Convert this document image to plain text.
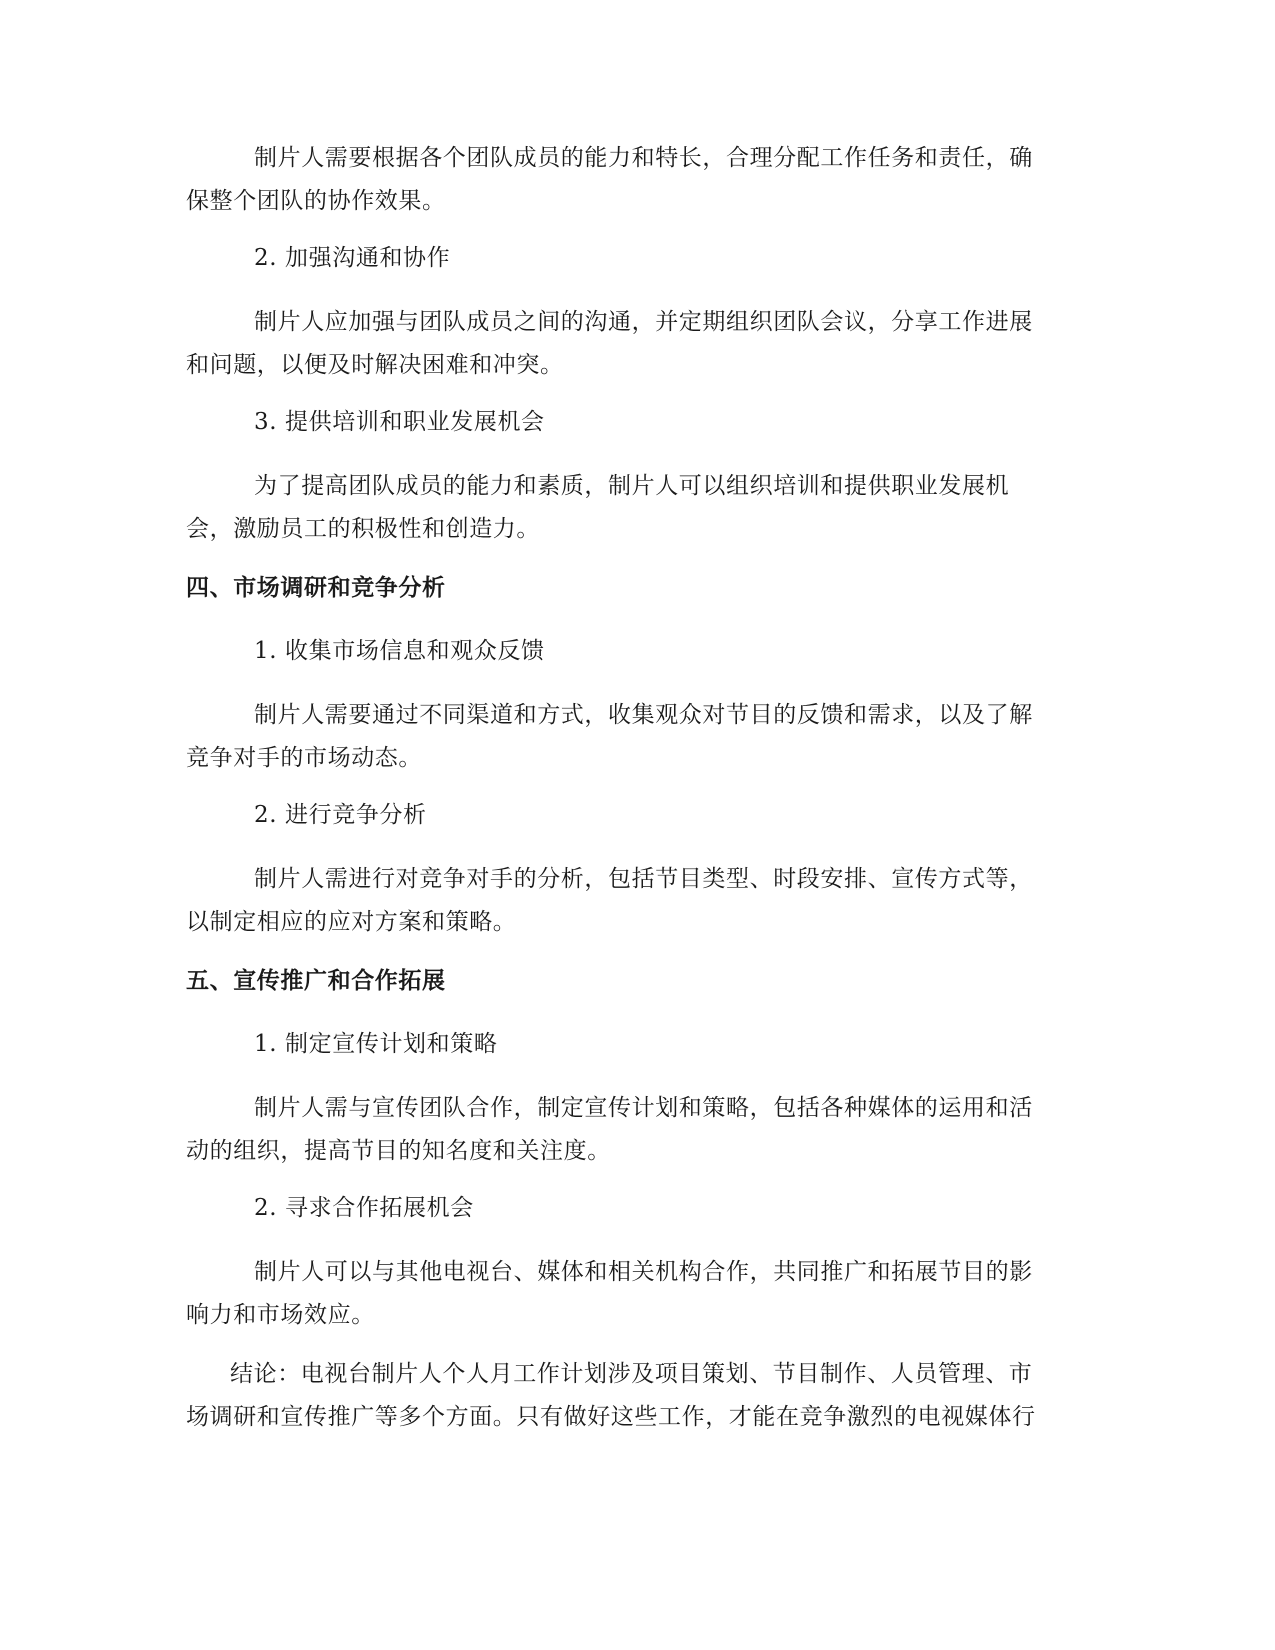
制片人需要根据各个团队成员的能力和特长，合理分配工作任务和责任，确
保整个团队的协作效果。

2. 加强沟通和协作

制片人应加强与团队成员之间的沟通，并定期组织团队会议，分享工作进展
和问题，以便及时解决困难和冲突。

3. 提供培训和职业发展机会

为了提高团队成员的能力和素质，制片人可以组织培训和提供职业发展机
会，激励员工的积极性和创造力。

四、市场调研和竞争分析

1. 收集市场信息和观众反馈

制片人需要通过不同渠道和方式，收集观众对节目的反馈和需求，以及了解
竞争对手的市场动态。

2. 进行竞争分析

制片人需进行对竞争对手的分析，包括节目类型、时段安排、宣传方式等，
以制定相应的应对方案和策略。

五、宣传推广和合作拓展

1. 制定宣传计划和策略

制片人需与宣传团队合作，制定宣传计划和策略，包括各种媒体的运用和活
动的组织，提高节目的知名度和关注度。

2. 寻求合作拓展机会

制片人可以与其他电视台、媒体和相关机构合作，共同推广和拓展节目的影
响力和市场效应。

结论：电视台制片人个人月工作计划涉及项目策划、节目制作、人员管理、市
场调研和宣传推广等多个方面。只有做好这些工作，才能在竞争激烈的电视媒体行
